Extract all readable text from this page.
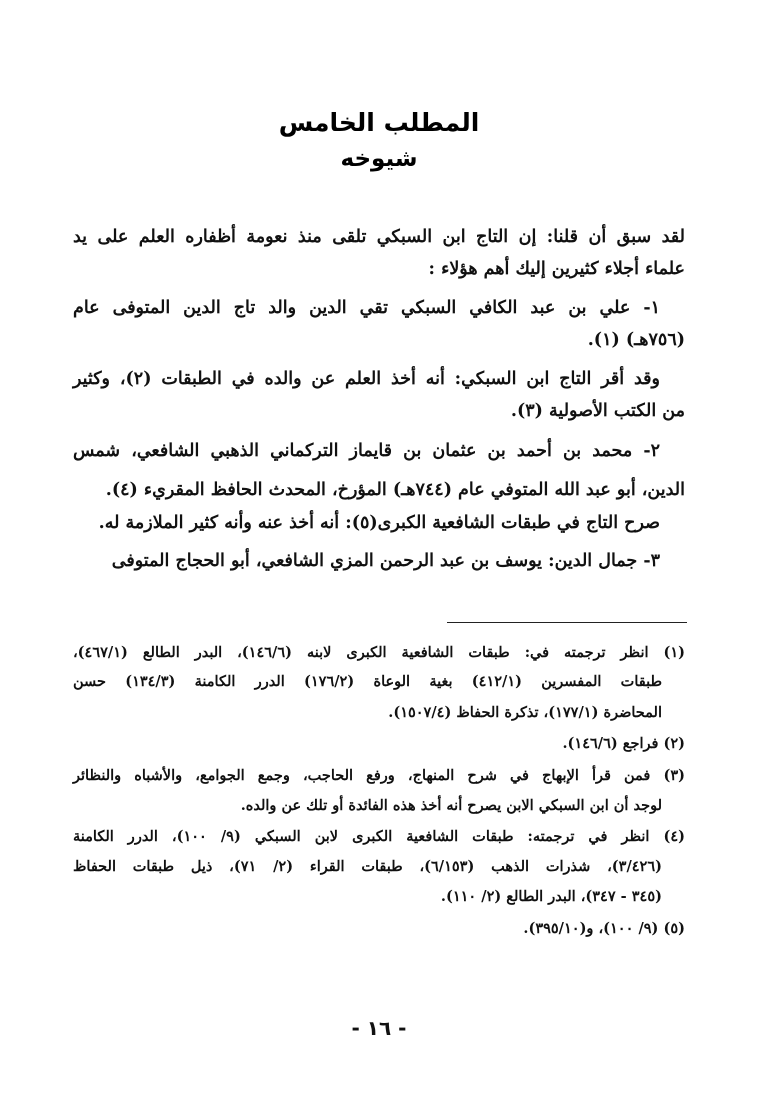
المطلب الخامس
شيوخه

لقد سبق أن قلنا: إن التاج ابن السبكي تلقى منذ نعومة أظفاره العلم على يد

علماء أجلاء كثيرين إليك أهم هؤلاء :

١- علي بن عبد الكافي السبكي تقي الدين والد تاج الدين المتوفى عام

(٧٥٦هـ) (١).

وقد أقر التاج ابن السبكي: أنه أخذ العلم عن والده في الطبقات (٢)، وكثير

من الكتب الأصولية (٣).

٢- محمد بن أحمد بن عثمان بن قايماز التركماني الذهبي الشافعي، شمس

الدين، أبو عبد الله المتوفي عام (٧٤٤هـ) المؤرخ، المحدث الحافظ المقريء (٤).

صرح التاج في طبقات الشافعية الكبرى(٥): أنه أخذ عنه وأنه كثير الملازمة له.

٣- جمال الدين: يوسف بن عبد الرحمن المزي الشافعي، أبو الحجاج المتوفى

(١) انظر ترجمته في: طبقات الشافعية الكبرى لابنه (١٤٦/٦)، البدر الطالع (٤٦٧/١)،

طبقات المفسرين (٤١٢/١) بغية الوعاة (١٧٦/٢) الدرر الكامنة (١٣٤/٣) حسن

المحاضرة (١٧٧/١)، تذكرة الحفاظ (١٥٠٧/٤).

(٢) فراجع (١٤٦/٦).

(٣) فمن قرأ الإبهاج في شرح المنهاج، ورفع الحاجب، وجمع الجوامع، والأشباه والنظائر

لوجد أن ابن السبكي الابن يصرح أنه أخذ هذه الفائدة أو تلك عن والده.

(٤) انظر في ترجمته: طبقات الشافعية الكبرى لابن السبكي (٩/ ١٠٠)، الدرر الكامنة

(٣/٤٢٦)، شذرات الذهب (٦/١٥٣)، طبقات القراء (٢/ ٧١)، ذيل طبقات الحفاظ

(٣٤٥ - ٣٤٧)، البدر الطالع (٢/ ١١٠).

(٥) (٩/ ١٠٠)، و(٣٩٥/١٠).

- ١٦ -
